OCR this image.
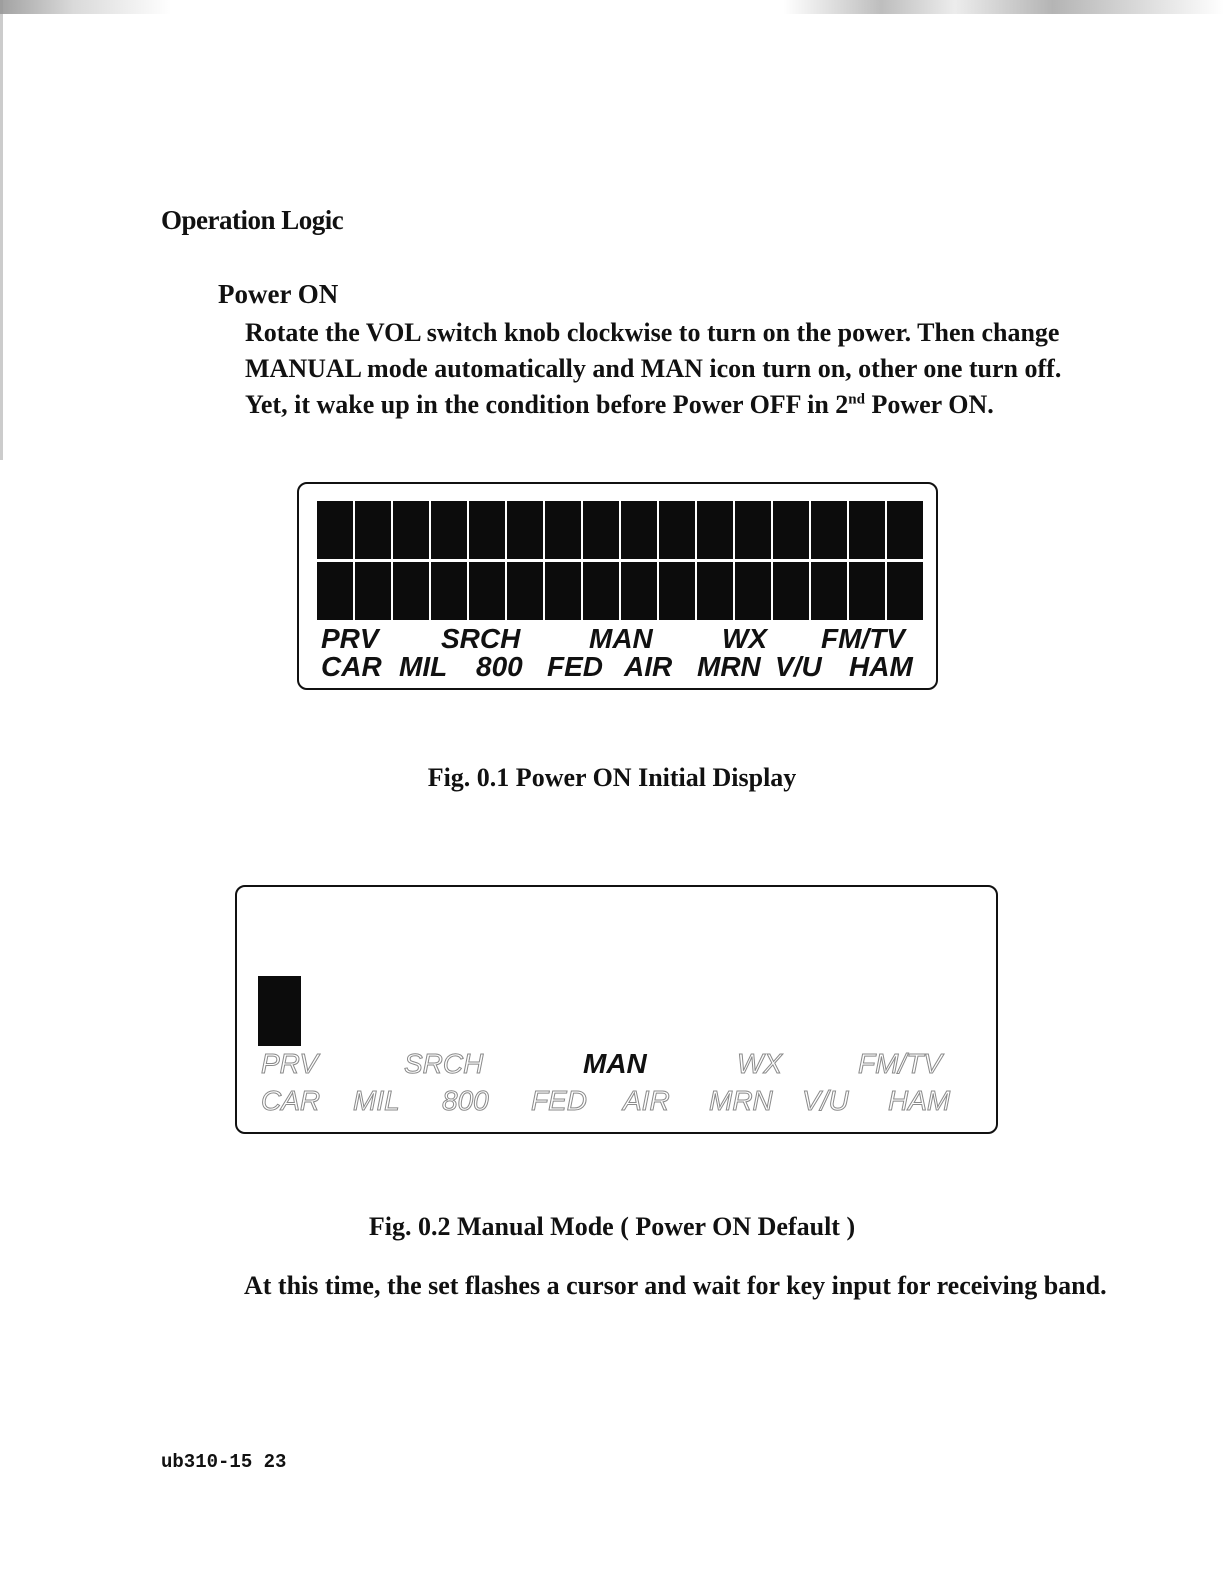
Operation Logic
Power ON

Rotate the VOL switch knob clockwise to turn on the power. Then change

MANUAL mode automatically and MAN icon turn on, other one turn off.

Yet, it wake up in the condition before Power OFF in 2nd Power ON.

PRV SRCH MAN WX FM/TV
CAR MIL 800 FED AIR MRN V/U HAM
Fig. 0.1 Power ON Initial Display
PRV	SRCH	MAN	WX	FM/TV
CAR MIL 800 FED AIR MRN V/U HAM
Fig. 0.2 Manual Mode ( Power ON Default )
At this time, the set flashes a cursor and wait for key input for receiving band.
ub310-15 23
